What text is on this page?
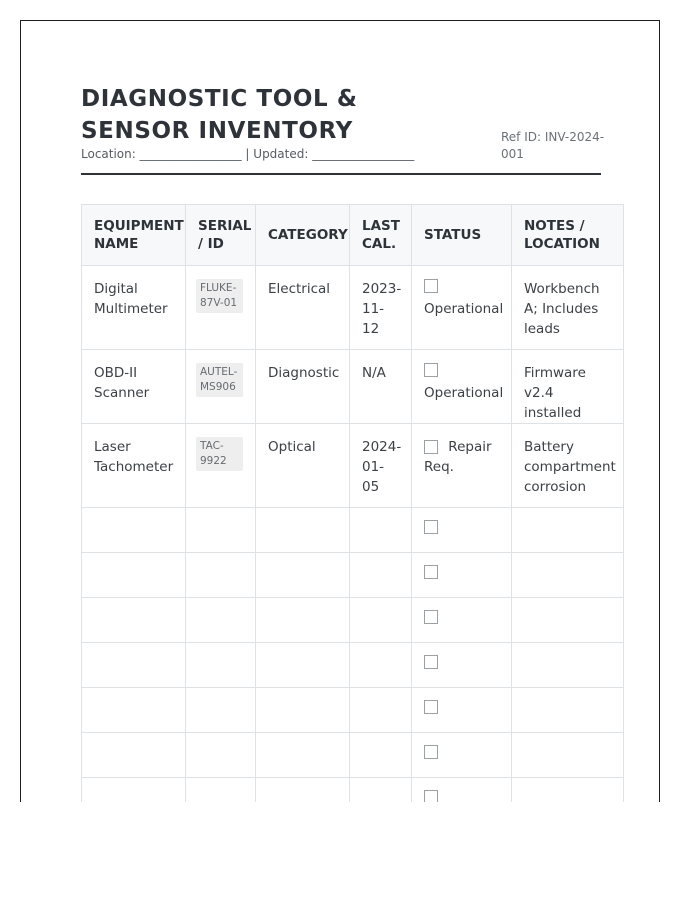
DIAGNOSTIC TOOL & SENSOR INVENTORY
Location: _________________ | Updated: _________________
Ref ID: INV-2024-001
EQUIPMENT NAME	SERIAL / ID	CATEGORY	LAST CAL.	STATUS	NOTES / LOCATION
Digital Multimeter	FLUKE-87V-01	Electrical	2023-11-12	Operational	Workbench A; Includes leads
OBD-II Scanner	AUTEL-MS906	Diagnostic	N/A	Operational	Firmware v2.4 installed
Laser Tachometer	TAC-9922	Optical	2024-01-05	Repair Req.	Battery compartment corrosion
